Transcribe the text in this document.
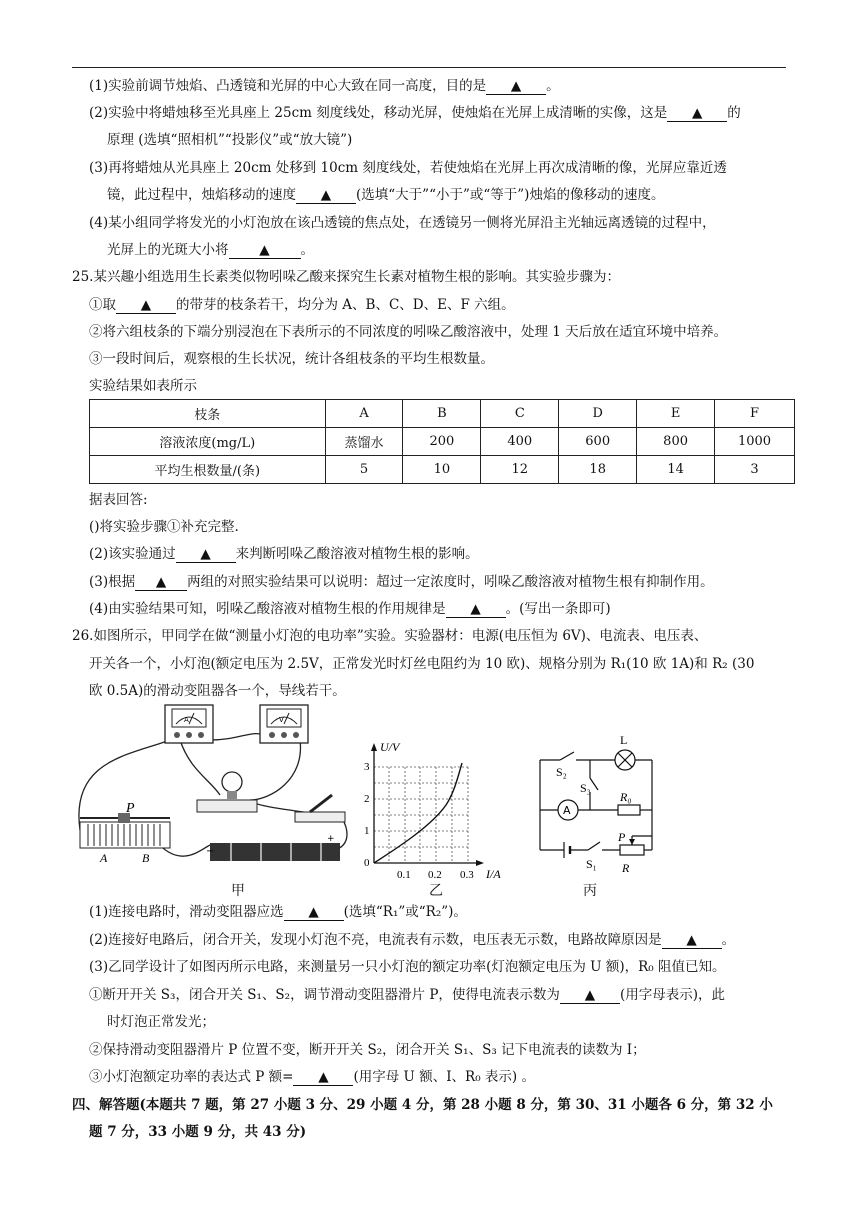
(1)实验前调节烛焰、凸透镜和光屏的中心大致在同一高度，目的是 ▲ 。
(2)实验中将蜡烛移至光具座上 25cm 刻度线处，移动光屏，使烛焰在光屏上成清晰的实像，这是 ▲ 的
原理 (选填“照相机”“投影仪”或“放大镜”)
(3)再将蜡烛从光具座上 20cm 处移到 10cm 刻度线处，若使烛焰在光屏上再次成清晰的像，光屏应靠近透
镜，此过程中，烛焰移动的速度 ▲ (选填“大于”“小于”或“等于”)烛焰的像移动的速度。
(4)某小组同学将发光的小灯泡放在该凸透镜的焦点处，在透镜另一侧将光屏沿主光轴远离透镜的过程中，
光屏上的光斑大小将 ▲ 。
25.某兴趣小组选用生长素类似物吲哚乙酸来探究生长素对植物生根的影响。其实验步骤为：
①取 ▲ 的带芽的枝条若干，均分为 A、B、C、D、E、F 六组。
②将六组枝条的下端分别浸泡在下表所示的不同浓度的吲哚乙酸溶液中，处理 1 天后放在适宜环境中培养。
③一段时间后，观察根的生长状况，统计各组枝条的平均生根数量。
实验结果如表所示
枝条	A	B	C	D	E	F
溶液浓度(mg/L)	蒸馏水	200	400	600	800	1000
平均生根数量/(条)	5	10	12	18	14	3
据表回答:
()将实验步骤①补充完整.
(2)该实验通过 ▲ 来判断吲哚乙酸溶液对植物生根的影响。
(3)根据 ▲ 两组的对照实验结果可以说明：超过一定浓度时，吲哚乙酸溶液对植物生根有抑制作用。
(4)由实验结果可知，吲哚乙酸溶液对植物生根的作用规律是 ▲ 。(写出一条即可)
26.如图所示，甲同学在做“测量小灯泡的电功率”实验。实验器材：电源(电压恒为 6V)、电流表、电压表、
开关各一个，小灯泡(额定电压为 2.5V，正常发光时灯丝电阻约为 10 欧)、规格分别为 R₁(10 欧 1A)和 R₂ (30
欧 0.5A)的滑动变阻器各一个，导线若干。
A	V
−
+
P
A	B
甲
U/V
3
2
1
0
0.1 0.2 0.3 I/A
乙
A
L
S₂
S₃
R₀
P
S₁ R
丙
(1)连接电路时，滑动变阻器应选 ▲ (选填“R₁”或“R₂”)。
(2)连接好电路后，闭合开关，发现小灯泡不亮，电流表有示数，电压表无示数，电路故障原因是 ▲ 。
(3)乙同学设计了如图丙所示电路，来测量另一只小灯泡的额定功率(灯泡额定电压为 U 额)，R₀ 阻值已知。
①断开开关 S₃，闭合开关 S₁、S₂，调节滑动变阻器滑片 P，使得电流表示数为 ▲ (用字母表示)，此
时灯泡正常发光；
②保持滑动变阻器滑片 P 位置不变，断开开关 S₂，闭合开关 S₁、S₃ 记下电流表的读数为 I；
③小灯泡额定功率的表达式 P 额= ▲ (用字母 U 额、I、R₀ 表示) 。
四、解答题(本题共 7 题，第 27 小题 3 分、29 小题 4 分，第 28 小题 8 分，第 30、31 小题各 6 分，第 32 小
题 7 分，33 小题 9 分，共 43 分)
